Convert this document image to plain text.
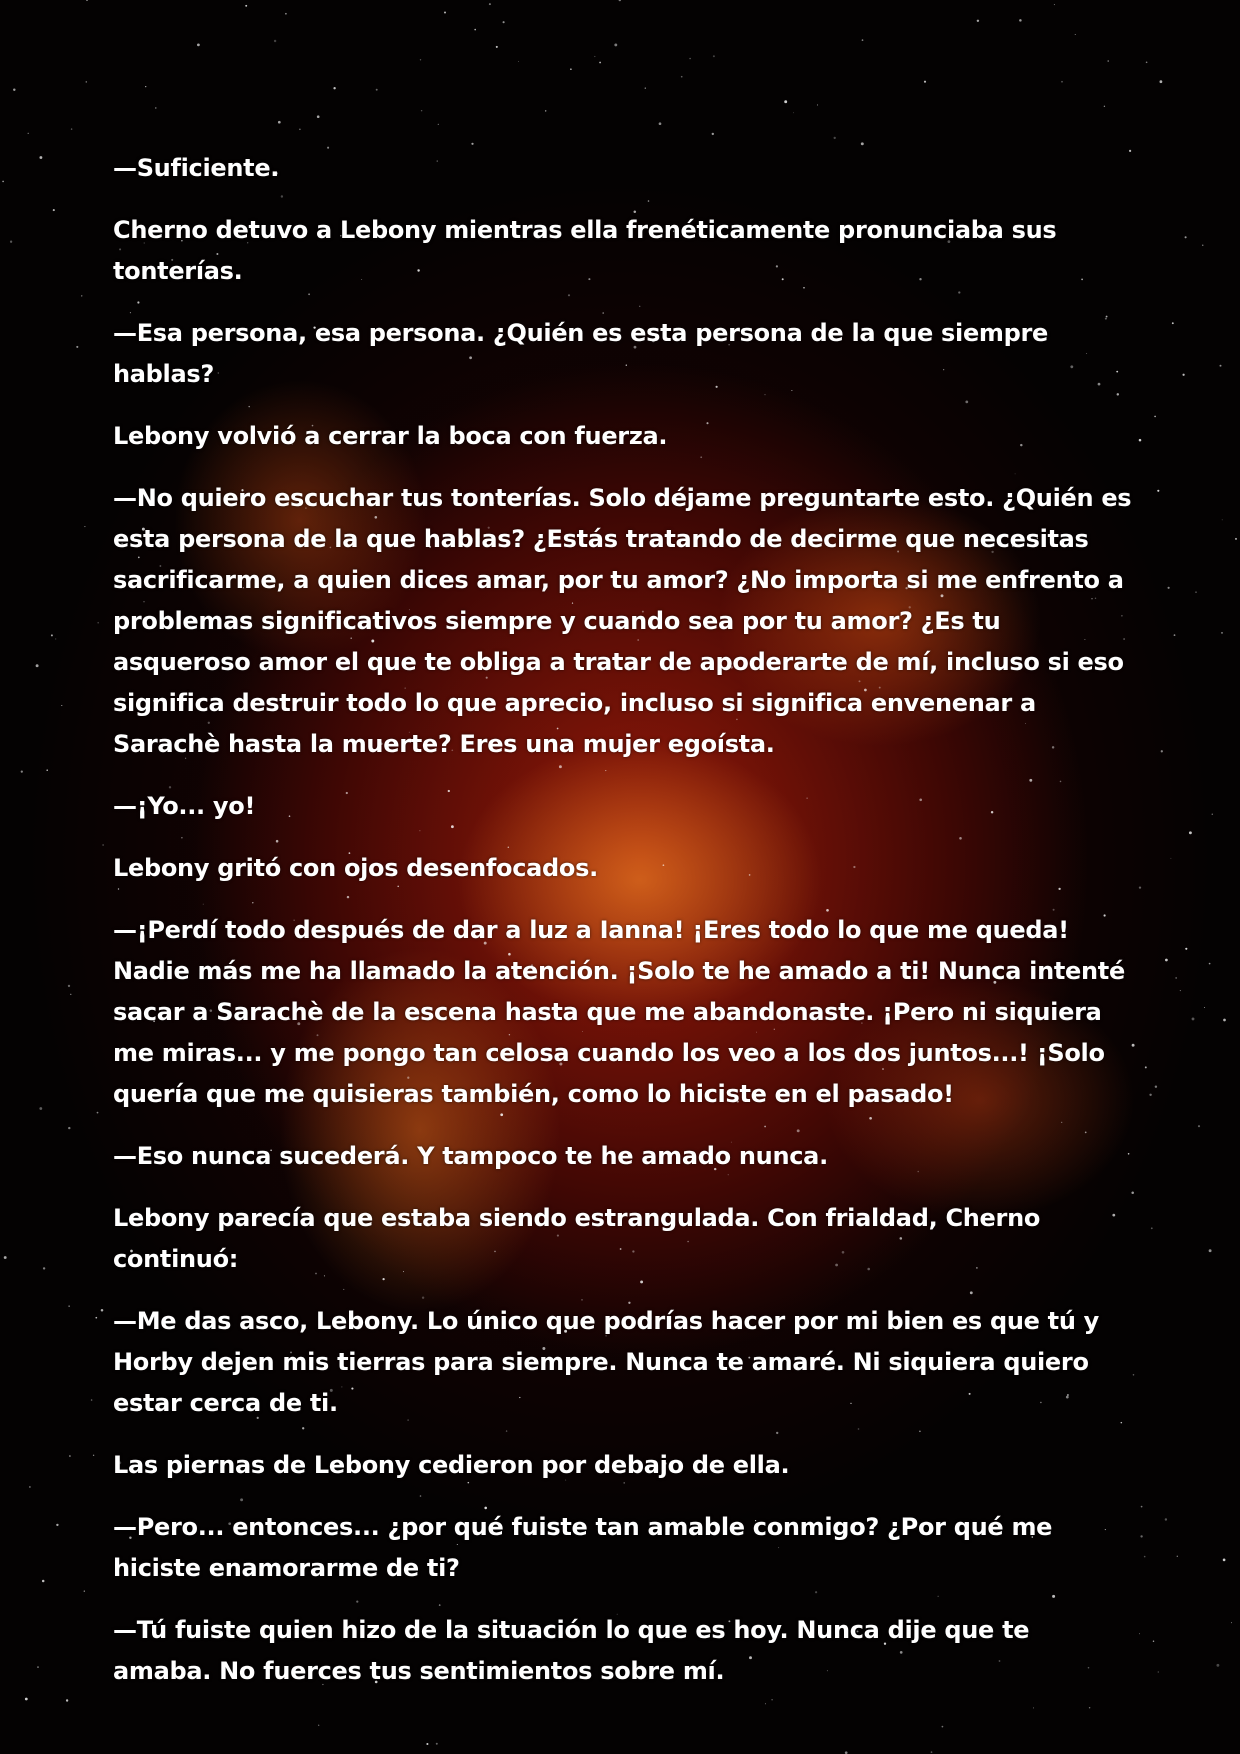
—Suficiente.

Cherno detuvo a Lebony mientras ella frenéticamente pronunciaba sus tonterías.

—Esa persona, esa persona. ¿Quién es esta persona de la que siempre hablas?

Lebony volvió a cerrar la boca con fuerza.

—No quiero escuchar tus tonterías. Solo déjame preguntarte esto. ¿Quién es esta persona de la que hablas? ¿Estás tratando de decirme que necesitas sacrificarme, a quien dices amar, por tu amor? ¿No importa si me enfrento a problemas significativos siempre y cuando sea por tu amor? ¿Es tu asqueroso amor el que te obliga a tratar de apoderarte de mí, incluso si eso significa destruir todo lo que aprecio, incluso si significa envenenar a Sarachè hasta la muerte? Eres una mujer egoísta.

—¡Yo... yo!

Lebony gritó con ojos desenfocados.

—¡Perdí todo después de dar a luz a Ianna! ¡Eres todo lo que me queda! Nadie más me ha llamado la atención. ¡Solo te he amado a ti! Nunca intenté sacar a Sarachè de la escena hasta que me abandonaste. ¡Pero ni siquiera me miras... y me pongo tan celosa cuando los veo a los dos juntos...! ¡Solo quería que me quisieras también, como lo hiciste en el pasado!

—Eso nunca sucederá. Y tampoco te he amado nunca.

Lebony parecía que estaba siendo estrangulada. Con frialdad, Cherno continuó:

—Me das asco, Lebony. Lo único que podrías hacer por mi bien es que tú y Horby dejen mis tierras para siempre. Nunca te amaré. Ni siquiera quiero estar cerca de ti.

Las piernas de Lebony cedieron por debajo de ella.

—Pero... entonces... ¿por qué fuiste tan amable conmigo? ¿Por qué me hiciste enamorarme de ti?

—Tú fuiste quien hizo de la situación lo que es hoy. Nunca dije que te amaba. No fuerces tus sentimientos sobre mí.
